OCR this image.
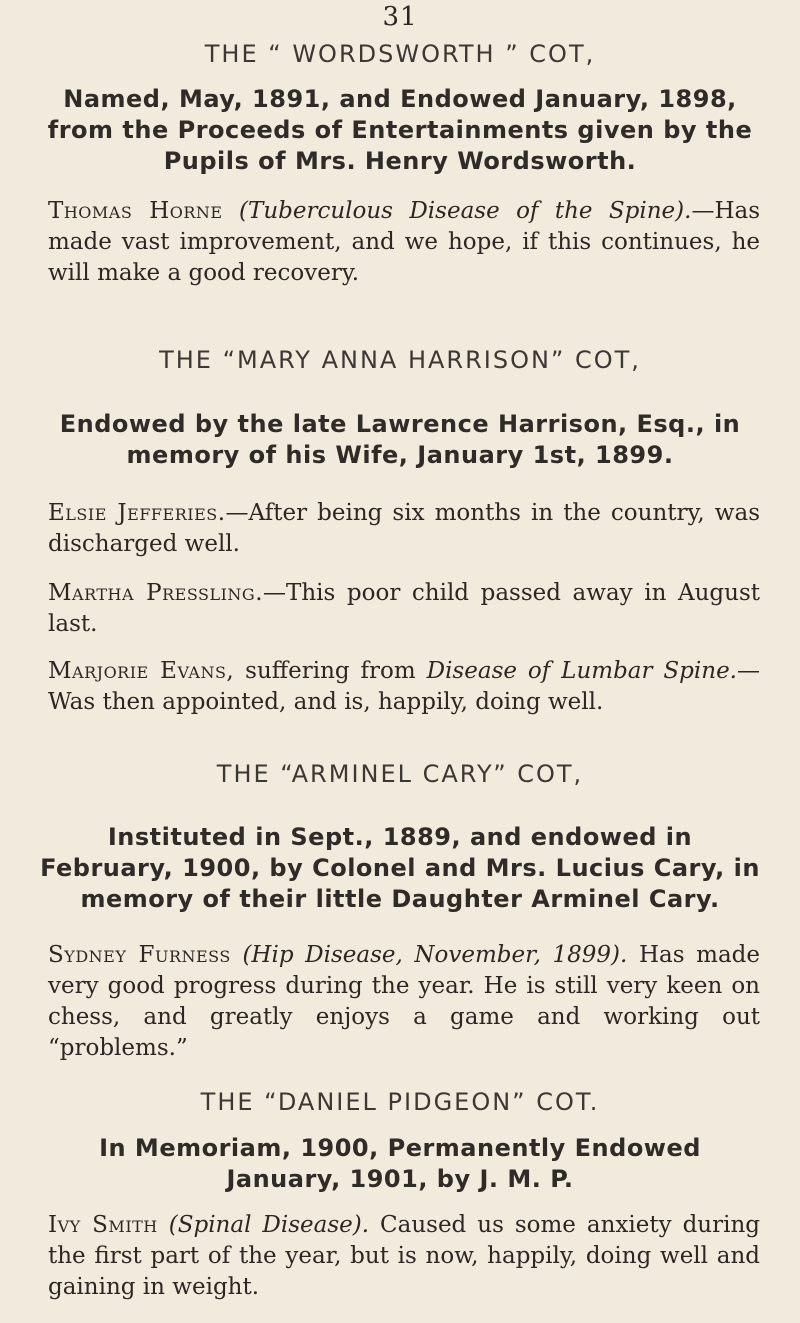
31
THE “ WORDSWORTH ” COT,
Named, May, 1891, and Endowed January, 1898, from the Proceeds of Entertainments given by the Pupils of Mrs. Henry Wordsworth.
Thomas Horne (Tuberculous Disease of the Spine).—Has made vast improvement, and we hope, if this continues, he will make a good recovery.
THE “MARY ANNA HARRISON” COT,
Endowed by the late Lawrence Harrison, Esq., in memory of his Wife, January 1st, 1899.
Elsie Jefferies.—After being six months in the country, was discharged well.
Martha Pressling.—This poor child passed away in August last.
Marjorie Evans, suffering from Disease of Lumbar Spine.—Was then appointed, and is, happily, doing well.
THE “ARMINEL CARY” COT,
Instituted in Sept., 1889, and endowed in February, 1900, by Colonel and Mrs. Lucius Cary, in memory of their little Daughter Arminel Cary.
Sydney Furness (Hip Disease, November, 1899). Has made very good progress during the year. He is still very keen on chess, and greatly enjoys a game and working out “problems.”
THE “DANIEL PIDGEON” COT.
In Memoriam, 1900, Permanently Endowed January, 1901, by J. M. P.
Ivy Smith (Spinal Disease). Caused us some anxiety during the first part of the year, but is now, happily, doing well and gaining in weight.
